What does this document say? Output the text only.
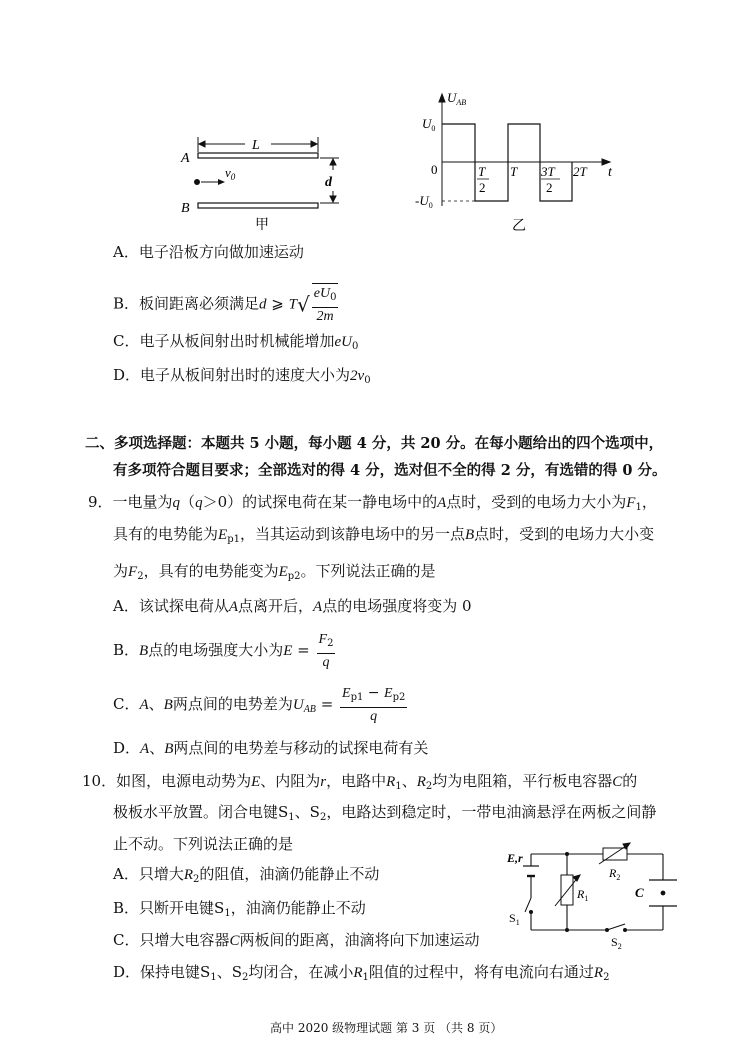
A
B
L
d
$v_0$
甲
$U_{AB}$
t
$U_0$
$-U_0$
0	T
2
T 3T
2
2T
乙
A．电子沿板方向做加速运动
B．板间距离必须满足d ⩾ $T√ \frac{eU_0}{2m}$
C．电子从板间射出时机械能增加$eU_0$
D．电子从板间射出时的速度大小为$2v_0$
二、多项选择题：本题共 5 小题，每小题 4 分，共 20 分。在每小题给出的四个选项中，
有多项符合题目要求；全部选对的得 4 分，选对但不全的得 2 分，有选错的得 0 分。
9．一电量为q（q＞0）的试探电荷在某一静电场中的A点时，受到的电场力大小为$F_1$，
具有的电势能为$E_{p1}$，当其运动到该静电场中的另一点B点时，受到的电场力大小变
为$F_2$，具有的电势能变为$E_{p2}$。下列说法正确的是
A．该试探电荷从A点离开后，A点的电场强度将变为 0
B．B点的电场强度大小为$E = \frac{F_2}{q}$
C．A、B两点间的电势差为$U_{AB} = \frac{E_{p1} - E_{p2}}{q}$
D．A、B两点间的电势差与移动的试探电荷有关
10．如图，电源电动势为E、内阻为r，电路中$R_1$、$R_2$均为电阻箱，平行板电容器C的
极板水平放置。闭合电键$S_1$、$S_2$，电路达到稳定时，一带电油滴悬浮在两板之间静
止不动。下列说法正确的是
A．只增大$R_2$的阻值，油滴仍能静止不动
B．只断开电键$S_1$，油滴仍能静止不动
C．只增大电容器C两板间的距离，油滴将向下加速运动
D．保持电键$S_1$、$S_2$均闭合，在减小$R_1$阻值的过程中，将有电流向右通过$R_2$
E,r
$R_1$
$R_2$
C
$S_1$
$S_2$
高中 2020 级物理试题 第 3 页 （共 8 页）
